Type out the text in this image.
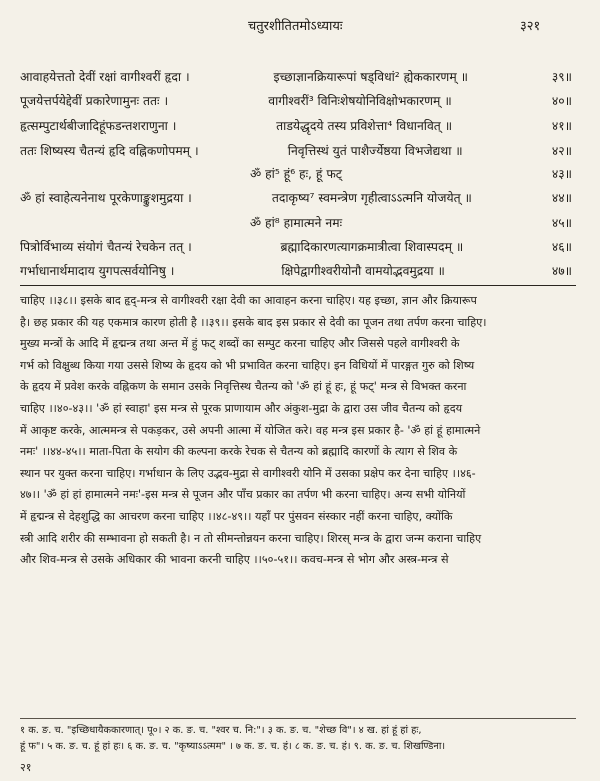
चतुरशीतितमोऽध्यायः	३२१
आवाहयेत्ततो देवीं रक्षां वागीश्वरीं हृदा ।	इच्छाज्ञानक्रियारूपां षड्विधां² ह्येककारणम् ॥	३९॥
पूजयेत्तर्पयेद्देवीं प्रकारेणामुनः ततः ।	वागीश्वरीं³ विनिःशेषयोनिविक्षोभकारणम् ॥	४०॥
हृत्सम्पुटार्थबीजादिहूंफडन्तशराणुना ।	ताडयेद्धृदये तस्य प्रविशेत्ता⁴ विधानवित् ॥	४१॥
ततः शिष्यस्य चैतन्यं हृदि वह्निकणोपमम् ।	निवृत्तिस्थं युतं पाशैर्ज्येष्ठया विभजेद्यथा ॥	४२॥
ॐ हां⁵ हूं⁶ हः, हूं फट्	४३॥
ॐ हां स्वाहेत्यनेनाथ पूरकेणाङ्कुशमुद्रया ।	तदाकृष्य⁷ स्वमन्त्रेण गृहीत्वाऽऽत्मनि योजयेत् ॥	४४॥
ॐ हां⁸ हामात्मने नमः	४५॥
पित्रोर्विभाव्य संयोगं चैतन्यं रेचकेन तत् ।	ब्रह्मादिकारणत्यागक्रमात्रीत्वा शिवास्पदम् ॥	४६॥
गर्भाधानार्थमादाय युगपत्सर्वयोनिषु ।	क्षिपेद्वागीश्वरीयोनौ वामयोद्भवमुद्रया ॥	४७॥
चाहिए ।।३८।। इसके बाद हृद्-मन्त्र से वागीश्वरी रक्षा देवी का आवाहन करना चाहिए। यह इच्छा, ज्ञान और क्रियारूप
है। छह प्रकार की यह एकमात्र कारण होती है ।।३९।। इसके बाद इस प्रकार से देवी का पूजन तथा तर्पण करना चाहिए।
मुख्य मन्त्रों के आदि में हृद्मन्त्र तथा अन्त में हुं फट् शब्दों का सम्पुट करना चाहिए और जिससे पहले वागीश्वरी के
गर्भ को विक्षुब्ध किया गया उससे शिष्य के हृदय को भी प्रभावित करना चाहिए। इन विधियों में पारङ्गत गुरु को शिष्य
के हृदय में प्रवेश करके वह्निकण के समान उसके निवृत्तिस्थ चैतन्य को 'ॐ हां हूं हः, हूं फट्' मन्त्र से विभक्त करना
चाहिए ।।४०-४३।। 'ॐ हां स्वाहा' इस मन्त्र से पूरक प्राणायाम और अंकुश-मुद्रा के द्वारा उस जीव चैतन्य को हृदय
में आकृष्ट करके, आत्ममन्त्र से पकड़कर, उसे अपनी आत्मा में योजित करे। वह मन्त्र इस प्रकार है- 'ॐ हां हूं हामात्मने
नमः' ।।४४-४५।। माता-पिता के सयोग की कल्पना करके रेचक से चैतन्य को ब्रह्मादि कारणों के त्याग से शिव के
स्थान पर युक्त करना चाहिए। गर्भाधान के लिए उद्भव-मुद्रा से वागीश्वरी योनि में उसका प्रक्षेप कर देना चाहिए ।।४६-
४७।। 'ॐ हां हां हामात्मने नमः'-इस मन्त्र से पूजन और पाँच प्रकार का तर्पण भी करना चाहिए। अन्य सभी योनियों
में हृद्मन्त्र से देहशुद्धि का आचरण करना चाहिए ।।४८-४९।। यहाँ पर पुंसवन संस्कार नहीं करना चाहिए, क्योंकि
स्त्री आदि शरीर की सम्भावना हो सकती है। न तो सीमन्तोन्नयन करना चाहिए। शिरस् मन्त्र के द्वारा जन्म कराना चाहिए
और शिव-मन्त्र से उसके अधिकार की भावना करनी चाहिए ।।५०-५१।। कवच-मन्त्र से भोग और अस्त्र-मन्त्र से
१ क. ङ. च. "इच्छिधायैककारणात्। पू०। २ क. ङ. च. "श्वर च. नि:"। ३ क. ङ. च. "शेच्छ वि"। ४ ख. हां हूं हां हः,
हूं फ"। ५ क. ङ. च. हूं हां हः। ६ क. ङ. च. "कृष्याऽऽत्मम" । ७ क. ङ. च. हं। ८ क. ङ. च. हं। ९. क. ङ. च. शिखण्डिना।
२१
